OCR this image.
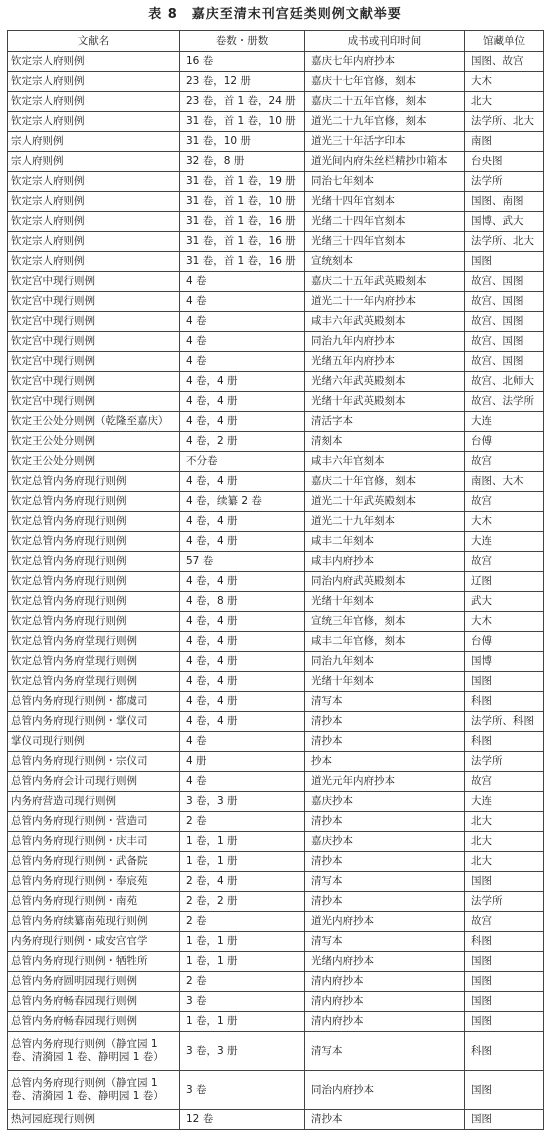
表 8　嘉庆至清末刊宫廷类则例文献举要
文献名	卷数・册数	成书或刊印时间	馆藏单位
钦定宗人府则例	16 卷	嘉庆七年内府抄本	国图、故宫
钦定宗人府则例	23 卷，12 册	嘉庆十七年官修，刻本	大木
钦定宗人府则例	23 卷，首 1 卷，24 册	嘉庆二十五年官修，刻本	北大
钦定宗人府则例	31 卷，首 1 卷，10 册	道光二十九年官修，刻本	法学所、北大
宗人府则例	31 卷，10 册	道光三十年活字印本	南图
宗人府则例	32 卷，8 册	道光间内府朱丝栏精抄巾箱本	台央图
钦定宗人府则例	31 卷，首 1 卷，19 册	同治七年刻本	法学所
钦定宗人府则例	31 卷，首 1 卷，10 册	光绪十四年官刻本	国图、南图
钦定宗人府则例	31 卷，首 1 卷，16 册	光绪二十四年官刻本	国博、武大
钦定宗人府则例	31 卷，首 1 卷，16 册	光绪三十四年官刻本	法学所、北大
钦定宗人府则例	31 卷，首 1 卷，16 册	宣统刻本	国图
钦定宫中现行则例	4 卷	嘉庆二十五年武英殿刻本	故宫、国图
钦定宫中现行则例	4 卷	道光二十一年内府抄本	故宫、国图
钦定宫中现行则例	4 卷	咸丰六年武英殿刻本	故宫、国图
钦定宫中现行则例	4 卷	同治九年内府抄本	故宫、国图
钦定宫中现行则例	4 卷	光绪五年内府抄本	故宫、国图
钦定宫中现行则例	4 卷，4 册	光绪六年武英殿刻本	故宫、北师大
钦定宫中现行则例	4 卷，4 册	光绪十年武英殿刻本	故宫、法学所
钦定王公处分则例（乾隆至嘉庆）	4 卷，4 册	清活字本	大连
钦定王公处分则例	4 卷，2 册	清刻本	台傅
钦定王公处分则例	不分卷	咸丰六年官刻本	故宫
钦定总管内务府现行则例	4 卷，4 册	嘉庆二十年官修，刻本	南图、大木
钦定总管内务府现行则例	4 卷，续纂 2 卷	道光二十年武英殿刻本	故宫
钦定总管内务府现行则例	4 卷，4 册	道光二十九年刻本	大木
钦定总管内务府现行则例	4 卷，4 册	咸丰二年刻本	大连
钦定总管内务府现行则例	57 卷	咸丰内府抄本	故宫
钦定总管内务府现行则例	4 卷，4 册	同治内府武英殿刻本	辽图
钦定总管内务府现行则例	4 卷，8 册	光绪十年刻本	武大
钦定总管内务府现行则例	4 卷，4 册	宣统三年官修，刻本	大木
钦定总管内务府堂现行则例	4 卷，4 册	咸丰二年官修，刻本	台傅
钦定总管内务府堂现行则例	4 卷，4 册	同治九年刻本	国博
钦定总管内务府堂现行则例	4 卷，4 册	光绪十年刻本	国图
总管内务府现行则例・都虞司	4 卷，4 册	清写本	科图
总管内务府现行则例・掌仪司	4 卷，4 册	清抄本	法学所、科图
掌仪司现行则例	4 卷	清抄本	科图
总管内务府现行则例・宗仪司	4 册	抄本	法学所
总管内务府会计司现行则例	4 卷	道光元年内府抄本	故宫
内务府营造司现行则例	3 卷，3 册	嘉庆抄本	大连
总管内务府现行则例・营造司	2 卷	清抄本	北大
总管内务府现行则例・庆丰司	1 卷，1 册	嘉庆抄本	北大
总管内务府现行则例・武备院	1 卷，1 册	清抄本	北大
总管内务府现行则例・奉宸苑	2 卷，4 册	清写本	国图
总管内务府现行则例・南苑	2 卷，2 册	清抄本	法学所
总管内务府续纂南苑现行则例	2 卷	道光内府抄本	故宫
内务府现行则例・咸安宫官学	1 卷，1 册	清写本	科图
总管内务府现行则例・牺牲所	1 卷，1 册	光绪内府抄本	国图
总管内务府圆明园现行则例	2 卷	清内府抄本	国图
总管内务府畅春园现行则例	3 卷	清内府抄本	国图
总管内务府畅春园现行则例	1 卷，1 册	清内府抄本	国图
总管内务府现行则例（静宜园 1 卷、清漪园 1 卷、静明园 1 卷）	3 卷，3 册	清写本	科图
总管内务府现行则例（静宜园 1 卷、清漪园 1 卷、静明园 1 卷）	3 卷	同治内府抄本	国图
热河园庭现行则例	12 卷	清抄本	国图
